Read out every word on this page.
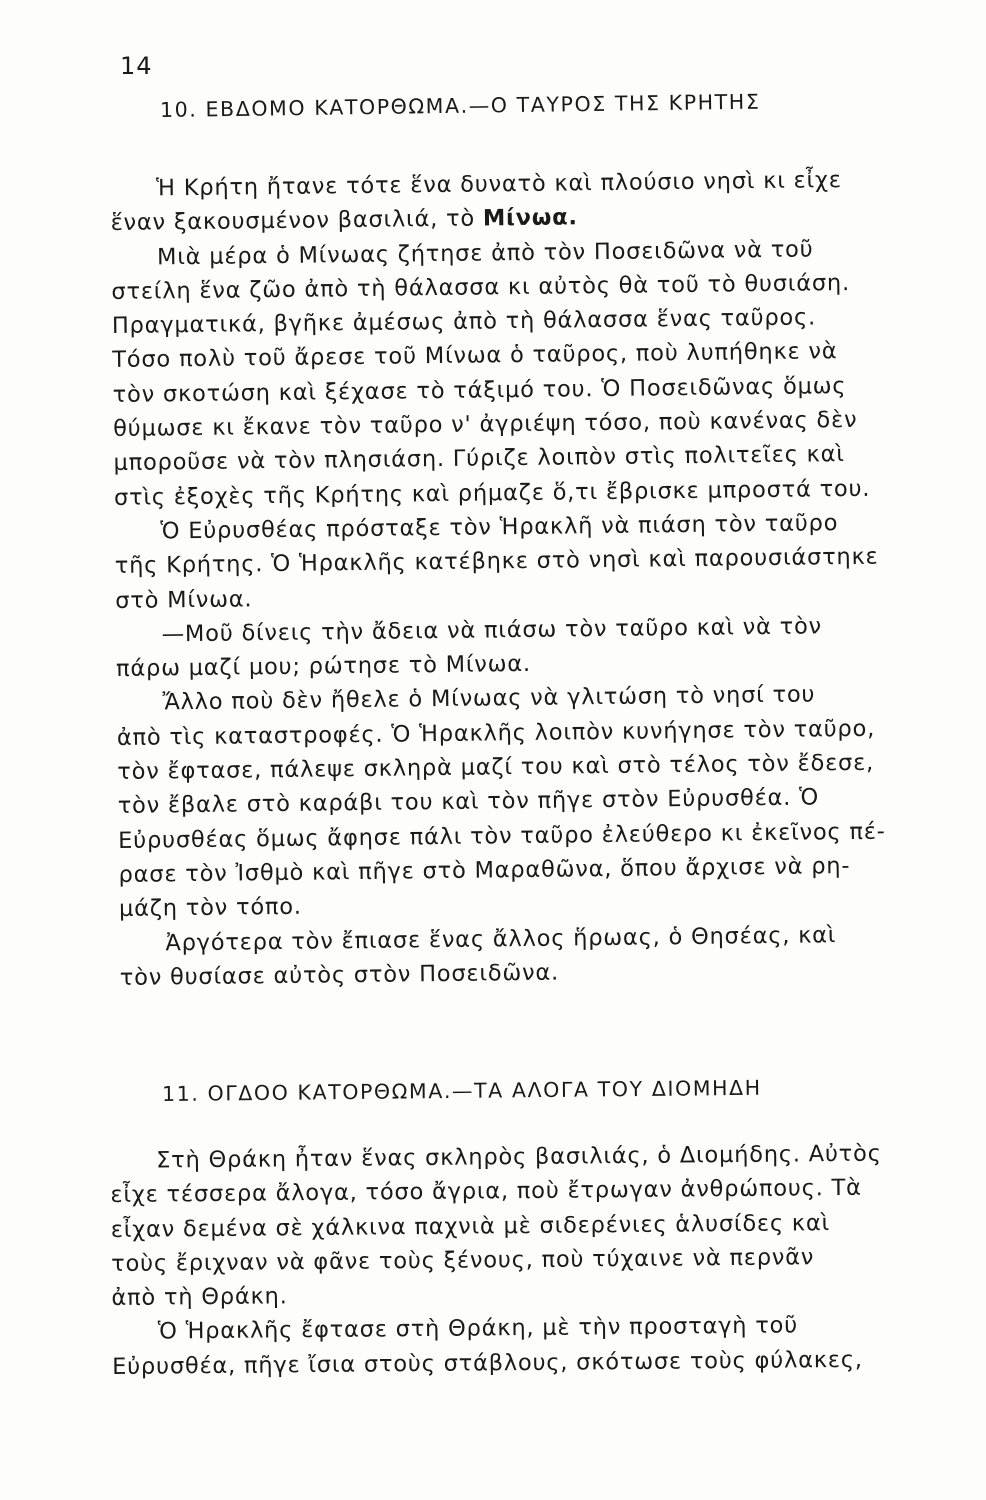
14
10. ΕΒΔΟΜΟ ΚΑΤΟΡΘΩΜΑ.—Ο ΤΑΥΡΟΣ ΤΗΣ ΚΡΗΤΗΣ
Ἡ Κρήτη ἤτανε τότε ἕνα δυνατὸ καὶ πλούσιο νησὶ κι εἶχε
ἕναν ξακουσμένον βασιλιά, τὸ Μίνωα.
Μιὰ μέρα ὁ Μίνωας ζήτησε ἀπὸ τὸν Ποσειδῶνα νὰ τοῦ
στείλη ἕνα ζῶο ἀπὸ τὴ θάλασσα κι αὐτὸς θὰ τοῦ τὸ θυσιάση.
Πραγματικά, βγῆκε ἀμέσως ἀπὸ τὴ θάλασσα ἕνας ταῦρος.
Τόσο πολὺ τοῦ ἄρεσε τοῦ Μίνωα ὁ ταῦρος, ποὺ λυπήθηκε νὰ
τὸν σκοτώση καὶ ξέχασε τὸ τάξιμό του. Ὁ Ποσειδῶνας ὅμως
θύμωσε κι ἔκανε τὸν ταῦρο ν' ἀγριέψη τόσο, ποὺ κανένας δὲν
μποροῦσε νὰ τὸν πλησιάση. Γύριζε λοιπὸν στὶς πολιτεῖες καὶ
στὶς ἐξοχὲς τῆς Κρήτης καὶ ρήμαζε ὅ,τι ἔβρισκε μπροστά του.
Ὁ Εὐρυσθέας πρόσταξε τὸν Ἡρακλῆ νὰ πιάση τὸν ταῦρο
τῆς Κρήτης. Ὁ Ἡρακλῆς κατέβηκε στὸ νησὶ καὶ παρουσιάστηκε
στὸ Μίνωα.
—Μοῦ δίνεις τὴν ἄδεια νὰ πιάσω τὸν ταῦρο καὶ νὰ τὸν
πάρω μαζί μου; ρώτησε τὸ Μίνωα.
Ἄλλο ποὺ δὲν ἤθελε ὁ Μίνωας νὰ γλιτώση τὸ νησί του
ἀπὸ τὶς καταστροφές. Ὁ Ἡρακλῆς λοιπὸν κυνήγησε τὸν ταῦρο,
τὸν ἔφτασε, πάλεψε σκληρὰ μαζί του καὶ στὸ τέλος τὸν ἔδεσε,
τὸν ἔβαλε στὸ καράβι του καὶ τὸν πῆγε στὸν Εὐρυσθέα. Ὁ
Εὐρυσθέας ὅμως ἄφησε πάλι τὸν ταῦρο ἐλεύθερο κι ἐκεῖνος πέ-
ρασε τὸν Ἰσθμὸ καὶ πῆγε στὸ Μαραθῶνα, ὅπου ἄρχισε νὰ ρη-
μάζη τὸν τόπο.
Ἀργότερα τὸν ἔπιασε ἕνας ἄλλος ἥρωας, ὁ Θησέας, καὶ
τὸν θυσίασε αὐτὸς στὸν Ποσειδῶνα.
11. ΟΓΔΟΟ ΚΑΤΟΡΘΩΜΑ.—ΤΑ ΑΛΟΓΑ ΤΟΥ ΔΙΟΜΗΔΗ
Στὴ Θράκη ἦταν ἕνας σκληρὸς βασιλιάς, ὁ Διομήδης. Αὐτὸς
εἶχε τέσσερα ἄλογα, τόσο ἄγρια, ποὺ ἔτρωγαν ἀνθρώπους. Τὰ
εἶχαν δεμένα σὲ χάλκινα παχνιὰ μὲ σιδερένιες ἁλυσίδες καὶ
τοὺς ἔριχναν νὰ φᾶνε τοὺς ξένους, ποὺ τύχαινε νὰ περνᾶν
ἀπὸ τὴ Θράκη.
Ὁ Ἡρακλῆς ἔφτασε στὴ Θράκη, μὲ τὴν προσταγὴ τοῦ
Εὐρυσθέα, πῆγε ἴσια στοὺς στάβλους, σκότωσε τοὺς φύλακες,
